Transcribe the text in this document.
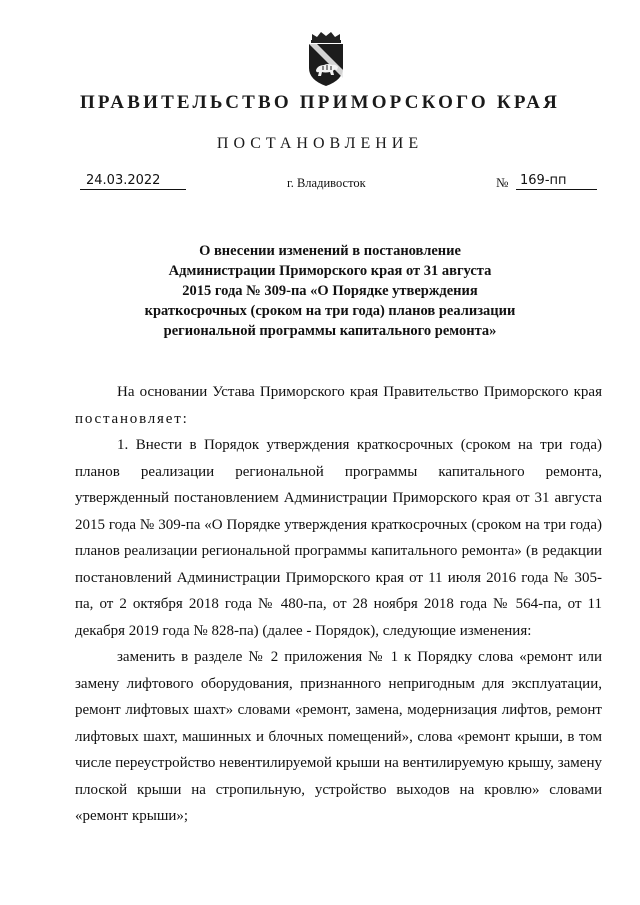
ПРАВИТЕЛЬСТВО ПРИМОРСКОГО КРАЯ
ПОСТАНОВЛЕНИЕ
24.03.2022	г. Владивосток	№ 169-пп
О внесении изменений в постановление
Администрации Приморского края от 31 августа
2015 года № 309-па «О Порядке утверждения
краткосрочных (сроком на три года) планов реализации
региональной программы капитального ремонта»

На основании Устава Приморского края Правительство Приморского края постановляет:

1. Внести в Порядок утверждения краткосрочных (сроком на три года) планов реализации региональной программы капитального ремонта, утвержденный постановлением Администрации Приморского края от 31 августа 2015 года № 309-па «О Порядке утверждения краткосрочных (сроком на три года) планов реализации региональной программы капитального ремонта» (в редакции постановлений Администрации Приморского края от 11 июля 2016 года № 305-па, от 2 октября 2018 года № 480-па, от 28 ноября 2018 года № 564-па, от 11 декабря 2019 года № 828-па) (далее - Порядок), следующие изменения:

заменить в разделе № 2 приложения № 1 к Порядку слова «ремонт или замену лифтового оборудования, признанного непригодным для эксплуатации, ремонт лифтовых шахт» словами «ремонт, замена, модернизация лифтов, ремонт лифтовых шахт, машинных и блочных помещений», слова «ремонт крыши, в том числе переустройство невентилируемой крыши на вентилируемую крышу, замену плоской крыши на стропильную, устройство выходов на кровлю» словами «ремонт крыши»;
